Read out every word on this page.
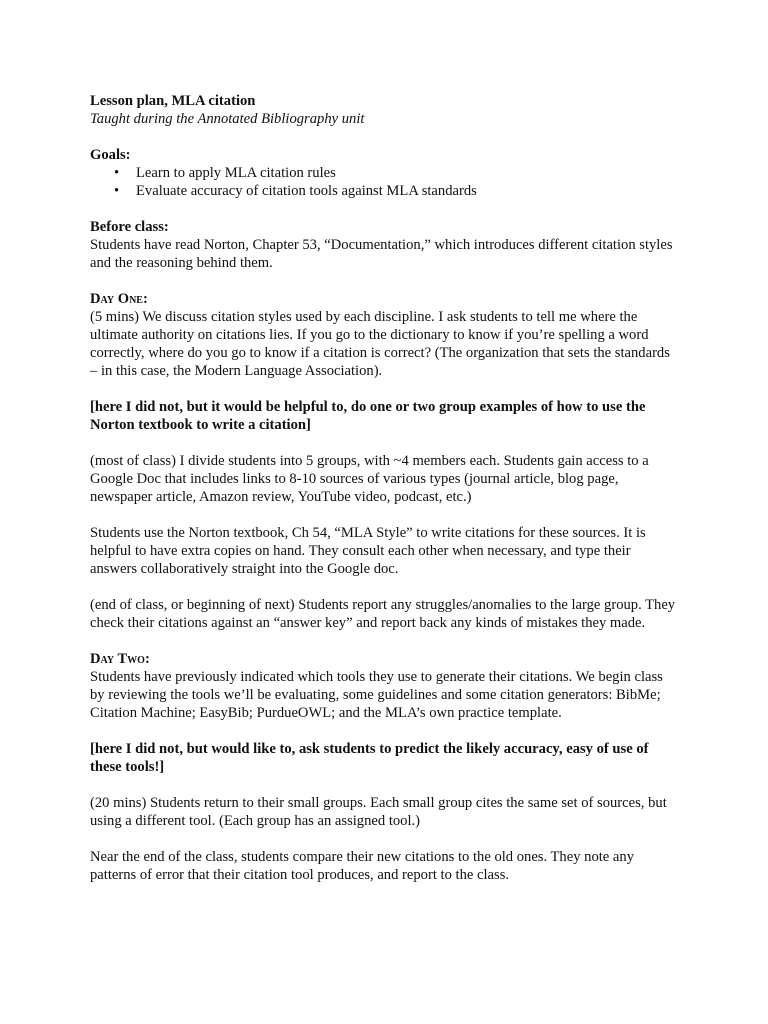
Lesson plan, MLA citation

Taught during the Annotated Bibliography unit

Goals:

• Learn to apply MLA citation rules
• Evaluate accuracy of citation tools against MLA standards

Before class:

Students have read Norton, Chapter 53, “Documentation,” which introduces different citation styles and the reasoning behind them.

Day One:

(5 mins) We discuss citation styles used by each discipline. I ask students to tell me where the ultimate authority on citations lies. If you go to the dictionary to know if you’re spelling a word correctly, where do you go to know if a citation is correct? (The organization that sets the standards – in this case, the Modern Language Association).

[here I did not, but it would be helpful to, do one or two group examples of how to use the Norton textbook to write a citation]

(most of class) I divide students into 5 groups, with ~4 members each. Students gain access to a Google Doc that includes links to 8-10 sources of various types (journal article, blog page, newspaper article, Amazon review, YouTube video, podcast, etc.)

Students use the Norton textbook, Ch 54, “MLA Style” to write citations for these sources. It is helpful to have extra copies on hand. They consult each other when necessary, and type their answers collaboratively straight into the Google doc.

(end of class, or beginning of next) Students report any struggles/anomalies to the large group. They check their citations against an “answer key” and report back any kinds of mistakes they made.

Day Two:

Students have previously indicated which tools they use to generate their citations. We begin class by reviewing the tools we’ll be evaluating, some guidelines and some citation generators: BibMe; Citation Machine; EasyBib; PurdueOWL; and the MLA’s own practice template.

[here I did not, but would like to, ask students to predict the likely accuracy, easy of use of these tools!]

(20 mins) Students return to their small groups. Each small group cites the same set of sources, but using a different tool. (Each group has an assigned tool.)

Near the end of the class, students compare their new citations to the old ones. They note any patterns of error that their citation tool produces, and report to the class.
